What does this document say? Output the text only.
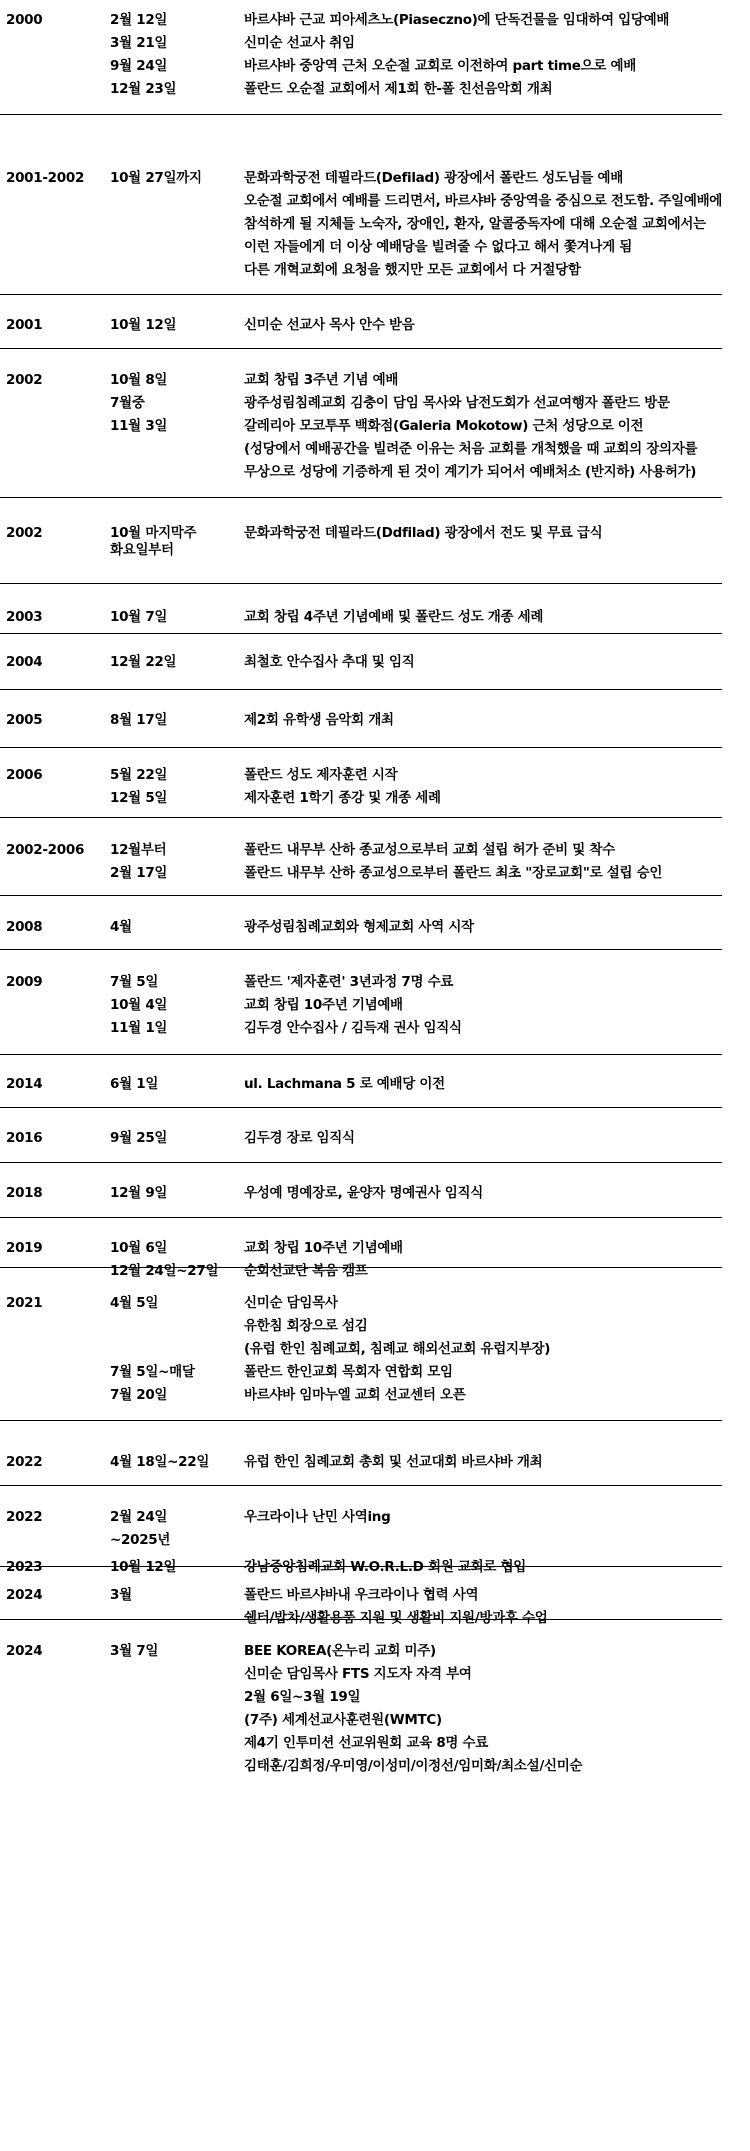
2000	2월 12일	바르샤바 근교 피아세츠노(Piaseczno)에 단독건물을 임대하여 입당예배
3월 21일	신미순 선교사 취임
9월 24일	바르샤바 중앙역 근처 오순절 교회로 이전하여 part time으로 예배
12월 23일	폴란드 오순절 교회에서 제1회 한-폴 친선음악회 개최
2001-2002 10월 27일까지	문화과학궁전 데필라드(Defilad) 광장에서 폴란드 성도님들 예배
오순절 교회에서 예배를 드리면서, 바르샤바 중앙역을 중심으로 전도함. 주일예배에
참석하게 될 지체들 노숙자, 장애인, 환자, 알콜중독자에 대해 오순절 교회에서는
이런 자들에게 더 이상 예배당을 빌려줄 수 없다고 해서 쫓겨나게 됨
다른 개혁교회에 요청을 했지만 모든 교회에서 다 거절당함
2001	10월 12일	신미순 선교사 목사 안수 받음
2002	10월 8일	교회 창립 3주년 기념 예배
7월중	광주성림침례교회 김충이 담임 목사와 남전도회가 선교여행자 폴란드 방문
11월 3일	갈레리아 모코투푸 백화점(Galeria Mokotow) 근처 성당으로 이전
(성당에서 예배공간을 빌려준 이유는 처음 교회를 개척했을 때 교회의 장의자를
무상으로 성당에 기증하게 된 것이 계기가 되어서 예배처소 (반지하) 사용허가)
2002	10월 마지막주	문화과학궁전 데필라드(Ddfilad) 광장에서 전도 및 무료 급식
화요일부터
2003	10월 7일	교회 창립 4주년 기념예배 및 폴란드 성도 개종 세례
2004	12월 22일	최철호 안수집사 추대 및 임직
2005	8월 17일	제2회 유학생 음악회 개최
2006	5월 22일	폴란드 성도 제자훈련 시작
12월 5일	제자훈련 1학기 종강 및 개종 세례
2002-2006 12월부터	폴란드 내무부 산하 종교성으로부터 교회 설립 허가 준비 및 착수
2월 17일	폴란드 내무부 산하 종교성으로부터 폴란드 최초 "장로교회"로 설립 승인
2008	4월	광주성림침례교회와 형제교회 사역 시작
2009	7월 5일	폴란드 '제자훈련' 3년과정 7명 수료
10월 4일	교회 창립 10주년 기념예배
11월 1일	김두경 안수집사 / 김득재 권사 임직식
2014	6월 1일	ul. Lachmana 5 로 예배당 이전
2016	9월 25일	김두경 장로 임직식
2018	12월 9일	우성예 명예장로, 윤양자 명예권사 임직식
2019	10월 6일	교회 창립 10주년 기념예배
12월 24일~27일 순회선교단 복음 캠프
2021	4월 5일	신미순 담임목사
유한침 회장으로 섬김
(유럽 한인 침례교회, 침례교 해외선교회 유럽지부장)
7월 5일~매달	폴란드 한인교회 목회자 연합회 모임
7월 20일	바르샤바 임마누엘 교회 선교센터 오픈
2022	4월 18일~22일	유럽 한인 침례교회 총회 및 선교대회 바르샤바 개최
2022	2월 24일	우크라이나 난민 사역ing
~2025년
2023	10월 12일	강남중앙침례교회 W.O.R.L.D 회원 교회로 협입
2024	3월	폴란드 바르샤바내 우크라이나 협력 사역
쉘터/밥차/생활용품 지원 및 생활비 지원/방과후 수업
2024	3월 7일	BEE KOREA(온누리 교회 미주)
신미순 담임목사 FTS 지도자 자격 부여
2월 6일~3월 19일
(7주) 세계선교사훈련원(WMTC)
제4기 인투미션 선교위원회 교육 8명 수료
김태훈/김희정/우미영/이성미/이정선/임미화/최소설/신미순
